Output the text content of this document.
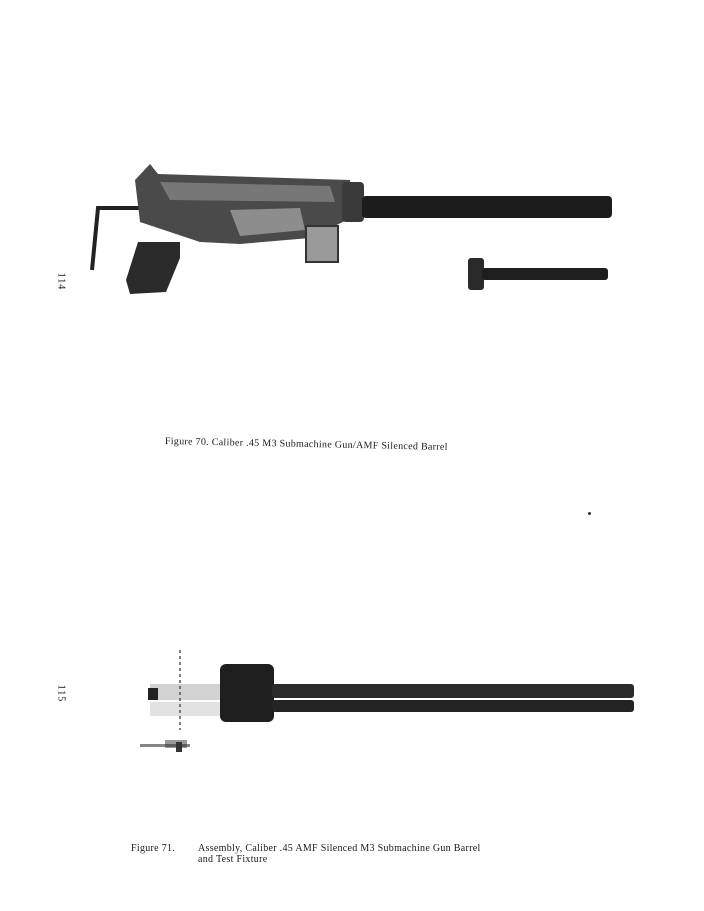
114
115
Figure 70. Caliber .45 M3 Submachine Gun/AMF Silenced Barrel
Figure 71. Assembly, Caliber .45 AMF Silenced M3 Submachine Gun Barrel
and Test Fixture
